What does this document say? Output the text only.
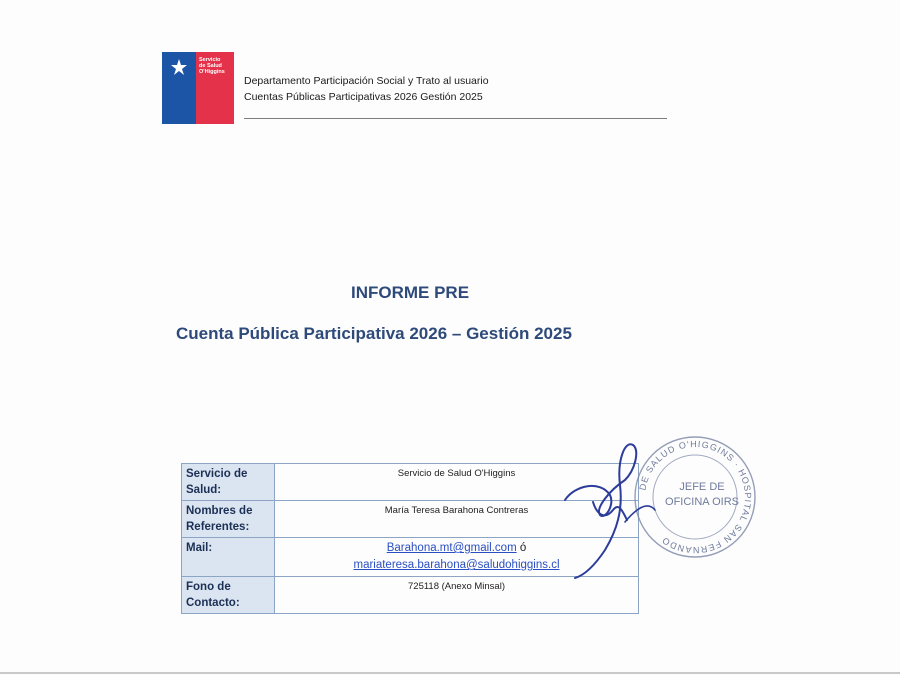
Servicio
de Salud
O'Higgins
Departamento Participación Social y Trato al usuario
Cuentas Públicas Participativas 2026 Gestión 2025
INFORME PRE
Cuenta Pública Participativa 2026 – Gestión 2025
Servicio de Salud:	Servicio de Salud O'Higgins
Nombres de Referentes:	María Teresa Barahona Contreras
Mail:	Barahona.mt@gmail.com ó
mariateresa.barahona@saludohiggins.cl
Fono de Contacto:	725118 (Anexo Minsal)
DE SALUD O'HIGGINS · HOSPITAL SAN FERNANDO
JEFE DE
OFICINA OIRS
